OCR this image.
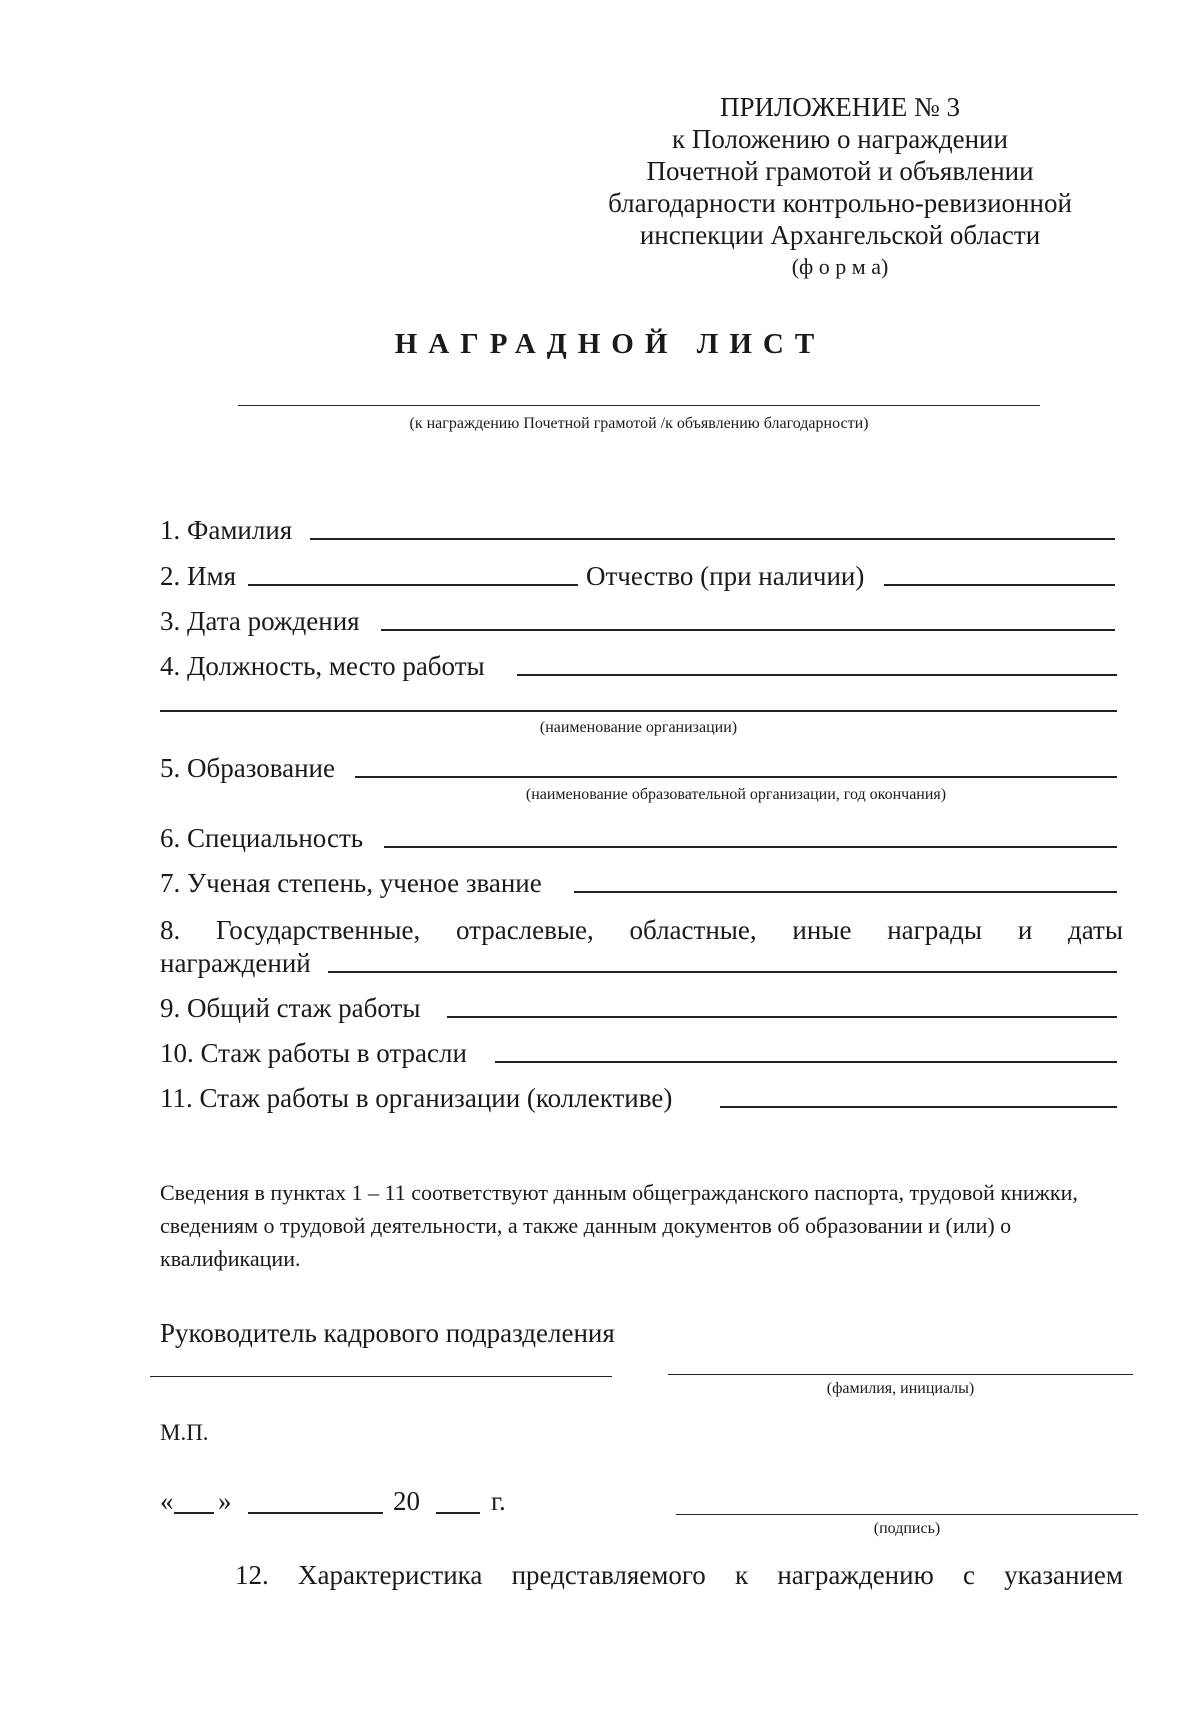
ПРИЛОЖЕНИЕ № 3
к Положению о награждении
Почетной грамотой и объявлении
благодарности контрольно-ревизионной
инспекции Архангельской области
(ф о р м а)
НАГРАДНОЙ ЛИСТ
(к награждению Почетной грамотой /к объявлению благодарности)
1. Фамилия
2. Имя	Отчество (при наличии)
3. Дата рождения
4. Должность, место работы
(наименование организации)
5. Образование
(наименование образовательной организации, год окончания)
6. Специальность
7. Ученая степень, ученое звание
8. Государственные, отраслевые, областные, иные награды и даты
награждений
9. Общий стаж работы
10. Стаж работы в отрасли
11. Стаж работы в организации (коллективе)
Сведения в пунктах 1 – 11 соответствуют данным общегражданского паспорта, трудовой книжки, сведениям о трудовой деятельности, а также данным документов об образовании и (или) о квалификации.
Руководитель кадрового подразделения
(фамилия, инициалы)
М.П.
« »	20	г.
(подпись)
12. Характеристика представляемого к награждению с указанием
